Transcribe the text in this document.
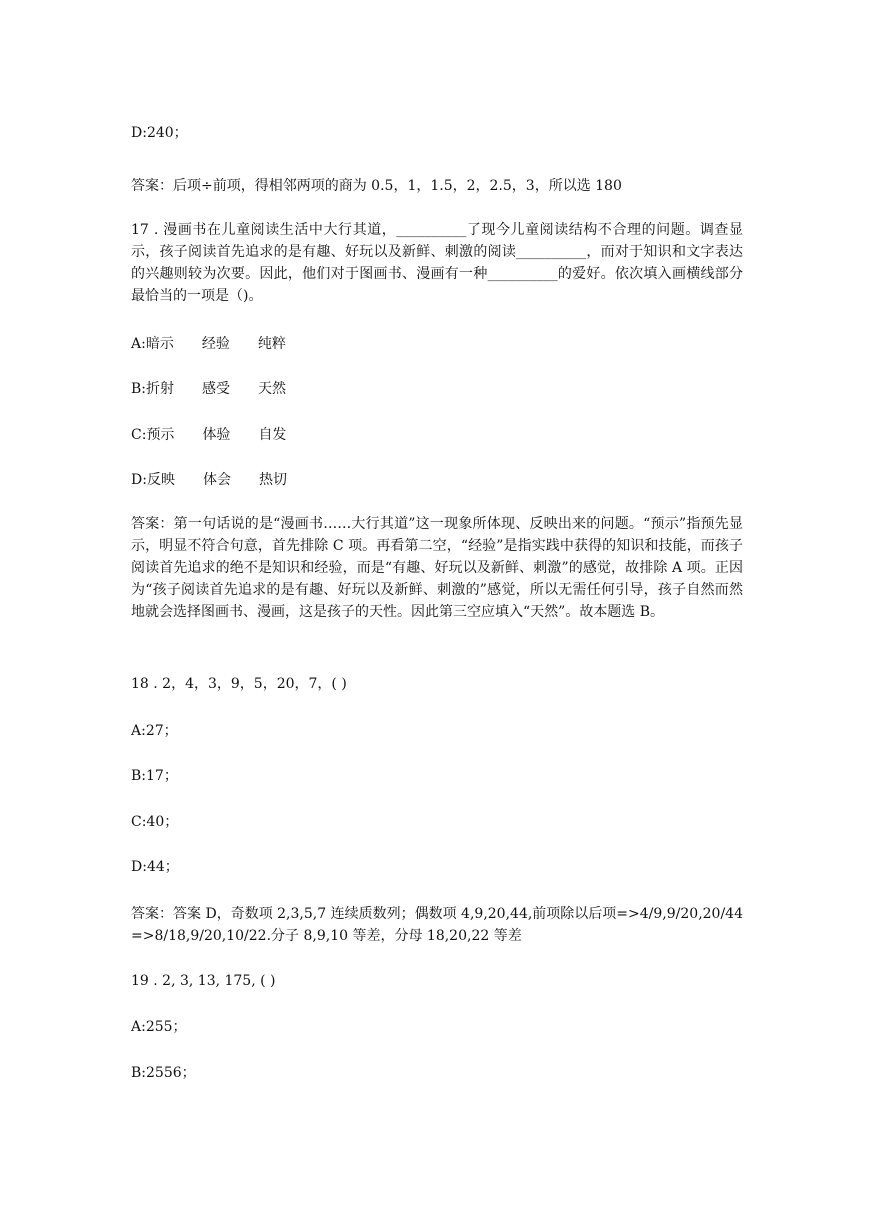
D:240；
答案：后项÷前项，得相邻两项的商为 0.5，1，1.5，2，2.5，3，所以选 180
17 . 漫画书在儿童阅读生活中大行其道，__________了现今儿童阅读结构不合理的问题。调查显示，孩子阅读首先追求的是有趣、好玩以及新鲜、刺激的阅读__________，而对于知识和文字表达的兴趣则较为次要。因此，他们对于图画书、漫画有一种__________的爱好。依次填入画横线部分最恰当的一项是（)。
A:暗示 经验 纯粹
B:折射 感受 天然
C:预示 体验 自发
D:反映 体会 热切
答案：第一句话说的是“漫画书……大行其道”这一现象所体现、反映出来的问题。“预示”指预先显示，明显不符合句意，首先排除 C 项。再看第二空，“经验”是指实践中获得的知识和技能，而孩子阅读首先追求的绝不是知识和经验，而是“有趣、好玩以及新鲜、刺激”的感觉，故排除 A 项。正因为“孩子阅读首先追求的是有趣、好玩以及新鲜、刺激的”感觉，所以无需任何引导，孩子自然而然地就会选择图画书、漫画，这是孩子的天性。因此第三空应填入“天然”。故本题选 B。
18 . 2，4，3，9，5，20，7，( )
A:27；
B:17；
C:40；
D:44；
答案：答案 D，奇数项 2,3,5,7 连续质数列；偶数项 4,9,20,44,前项除以后项=>4/9,9/20,20/44=>8/18,9/20,10/22.分子 8,9,10 等差，分母 18,20,22 等差
19 . 2, 3, 13, 175, ( )
A:255；
B:2556；
